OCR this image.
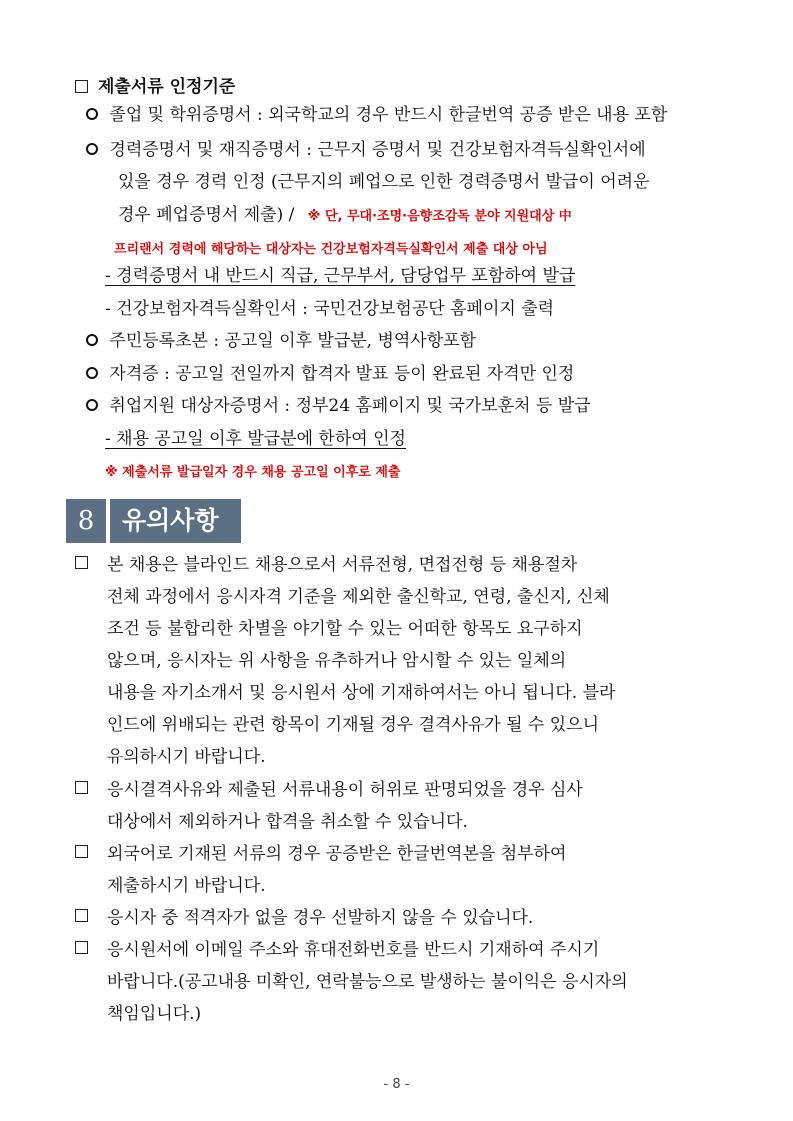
제출서류 인정기준
졸업 및 학위증명서 : 외국학교의 경우 반드시 한글번역 공증 받은 내용 포함
경력증명서 및 재직증명서 : 근무지 증명서 및 건강보험자격득실확인서에
있을 경우 경력 인정 (근무지의 폐업으로 인한 경력증명서 발급이 어려운
경우 폐업증명서 제출) / ※ 단, 무대·조명·음향조감독 분야 지원대상 中
프리랜서 경력에 해당하는 대상자는 건강보험자격득실확인서 제출 대상 아님
- 경력증명서 내 반드시 직급, 근무부서, 담당업무 포함하여 발급
- 건강보험자격득실확인서 : 국민건강보험공단 홈페이지 출력
주민등록초본 : 공고일 이후 발급분, 병역사항포함
자격증 : 공고일 전일까지 합격자 발표 등이 완료된 자격만 인정
취업지원 대상자증명서 : 정부24 홈페이지 및 국가보훈처 등 발급
- 채용 공고일 이후 발급분에 한하여 인정
※ 제출서류 발급일자 경우 채용 공고일 이후로 제출
8	유의사항
본 채용은 블라인드 채용으로서 서류전형, 면접전형 등 채용절차
전체 과정에서 응시자격 기준을 제외한 출신학교, 연령, 출신지, 신체
조건 등 불합리한 차별을 야기할 수 있는 어떠한 항목도 요구하지
않으며, 응시자는 위 사항을 유추하거나 암시할 수 있는 일체의
내용을 자기소개서 및 응시원서 상에 기재하여서는 아니 됩니다. 블라
인드에 위배되는 관련 항목이 기재될 경우 결격사유가 될 수 있으니
유의하시기 바랍니다.
응시결격사유와 제출된 서류내용이 허위로 판명되었을 경우 심사
대상에서 제외하거나 합격을 취소할 수 있습니다.
외국어로 기재된 서류의 경우 공증받은 한글번역본을 첨부하여
제출하시기 바랍니다.
응시자 중 적격자가 없을 경우 선발하지 않을 수 있습니다.
응시원서에 이메일 주소와 휴대전화번호를 반드시 기재하여 주시기
바랍니다.(공고내용 미확인, 연락불능으로 발생하는 불이익은 응시자의
책임입니다.)
- 8 -
